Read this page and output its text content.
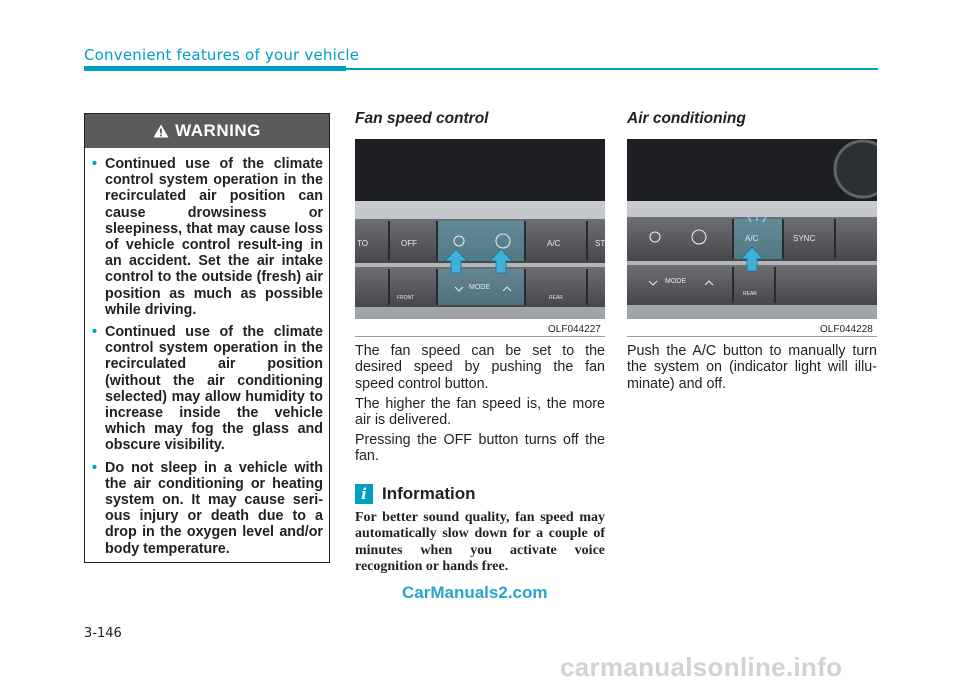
Convenient features of your vehicle
WARNING
• Continued use of the climate control system operation in the recirculated air position can cause drowsiness or sleepiness, that may cause loss of vehicle control result-ing in an accident. Set the air intake control to the outside (fresh) air position as much as possible while driving.
• Continued use of the climate control system operation in the recirculated air position (without the air conditioning selected) may allow humidity to increase inside the vehicle which may fog the glass and obscure visibility.
• Do not sleep in a vehicle with the air conditioning or heating system on. It may cause seri-ous injury or death due to a drop in the oxygen level and/or body temperature.
Fan speed control
TO	OFF	A/C	ST
MODE
FRONT	REAR
OLF044227

The fan speed can be set to the desired speed by pushing the fan speed control button.

The higher the fan speed is, the more air is delivered.

Pressing the OFF button turns off the fan.

i Information

For better sound quality, fan speed may automatically slow down for a couple of minutes when you activate voice recognition or hands free.

Air conditioning
A/C	SYNC
MODE
REAR
OLF044228

Push the A/C button to manually turn the system on (indicator light will illu-minate) and off.

CarManuals2.com
3-146
carmanualsonline.info
